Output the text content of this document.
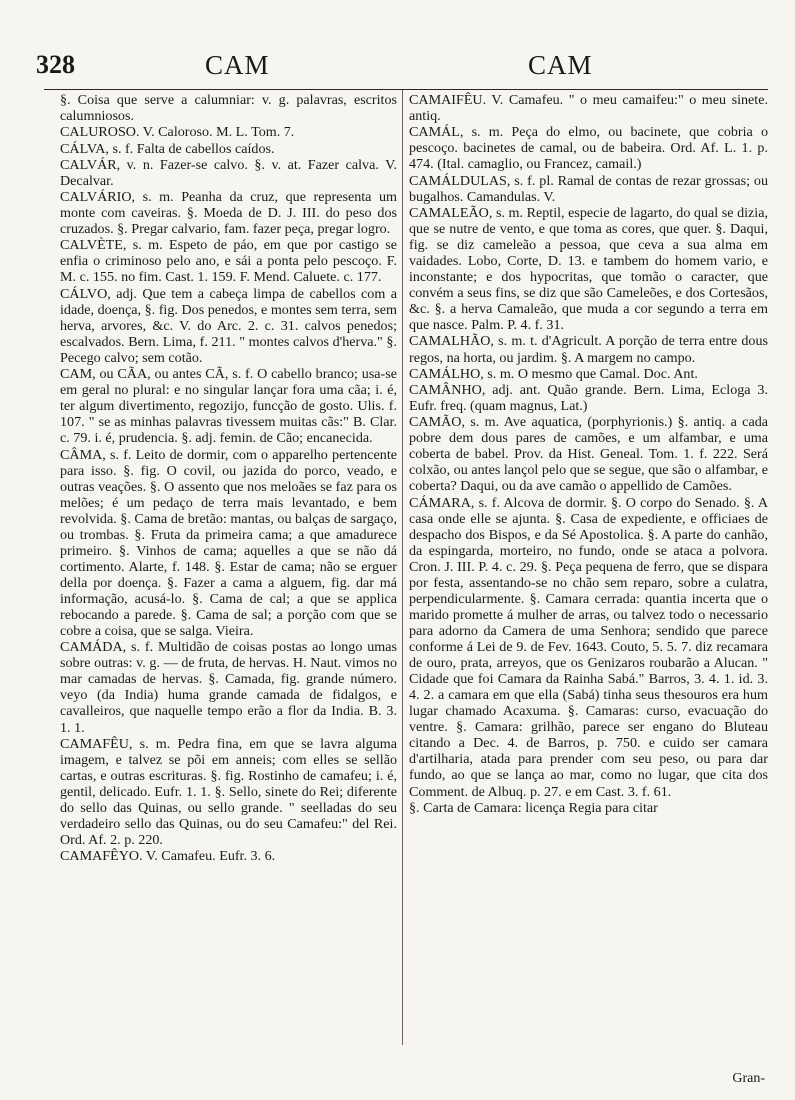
328	CAM	CAM

§. Coisa que serve a calumniar: v. g. palavras, escritos calumniosos.

CALUROSO. V. Caloroso. M. L. Tom. 7.

CÁLVA, s. f. Falta de cabellos caídos.

CALVÁR, v. n. Fazer-se calvo. §. v. at. Fazer calva. V. Decalvar.

CALVÁRIO, s. m. Peanha da cruz, que representa um monte com caveiras. §. Moeda de D. J. III. do peso dos cruzados. §. Pregar calvario, fam. fazer peça, pregar logro.

CALVÈTE, s. m. Espeto de páo, em que por castigo se enfia o criminoso pelo ano, e sái a ponta pelo pescoço. F. M. c. 155. no fim. Cast. 1. 159. F. Mend. Caluete. c. 177.

CÁLVO, adj. Que tem a cabeça limpa de cabellos com a idade, doença, §. fig. Dos penedos, e montes sem terra, sem herva, arvores, &c. V. do Arc. 2. c. 31. calvos penedos; escalvados. Bern. Lima, f. 211. " montes calvos d'herva." §. Pecego calvo; sem cotão.

CAM, ou CÃA, ou antes CÃ, s. f. O cabello branco; usa-se em geral no plural: e no singular lançar fora uma cãa; i. é, ter algum divertimento, regozijo, funcção de gosto. Ulis. f. 107. " se as minhas palavras tivessem muitas cãs:" B. Clar. c. 79. i. é, prudencia. §. adj. femin. de Cão; encanecida.

CÂMA, s. f. Leito de dormir, com o apparelho pertencente para isso. §. fig. O covil, ou jazida do porco, veado, e outras veações. §. O assento que nos meloães se faz para os melões; é um pedaço de terra mais levantado, e bem revolvida. §. Cama de bretão: mantas, ou balças de sargaço, ou trombas. §. Fruta da primeira cama; a que amadurece primeiro. §. Vinhos de cama; aquelles a que se não dá cortimento. Alarte, f. 148. §. Estar de cama; não se erguer della por doença. §. Fazer a cama a alguem, fig. dar má informação, acusá-lo. §. Cama de cal; a que se applica rebocando a parede. §. Cama de sal; a porção com que se cobre a coisa, que se salga. Vieira.

CAMÁDA, s. f. Multidão de coisas postas ao longo umas sobre outras: v. g. — de fruta, de hervas. H. Naut. vimos no mar camadas de hervas. §. Camada, fig. grande número. veyo (da India) huma grande camada de fidalgos, e cavalleiros, que naquelle tempo erão a flor da India. B. 3. 1. 1.

CAMAFÊU, s. m. Pedra fina, em que se lavra alguma imagem, e talvez se põi em anneis; com elles se sellão cartas, e outras escrituras. §. fig. Rostinho de camafeu; i. é, gentil, delicado. Eufr. 1. 1. §. Sello, sinete do Rei; diferente do sello das Quinas, ou sello grande. " seelladas do seu verdadeiro sello das Quinas, ou do seu Camafeu:" del Rei. Ord. Af. 2. p. 220.

CAMAFÊYO. V. Camafeu. Eufr. 3. 6.

CAMAIFÊU. V. Camafeu. " o meu camaifeu:" o meu sinete. antiq.

CAMÁL, s. m. Peça do elmo, ou bacinete, que cobria o pescoço. bacinetes de camal, ou de babeira. Ord. Af. L. 1. p. 474. (Ital. camaglio, ou Francez, camail.)

CAMÁLDULAS, s. f. pl. Ramal de contas de rezar grossas; ou bugalhos. Camandulas. V.

CAMALEÃO, s. m. Reptil, especie de lagarto, do qual se dizia, que se nutre de vento, e que toma as cores, que quer. §. Daqui, fig. se diz cameleão a pessoa, que ceva a sua alma em vaidades. Lobo, Corte, D. 13. e tambem do homem vario, e inconstante; e dos hypocritas, que tomão o caracter, que convém a seus fins, se diz que são Cameleões, e dos Cortesãos, &c. §. a herva Camaleão, que muda a cor segundo a terra em que nasce. Palm. P. 4. f. 31.

CAMALHÃO, s. m. t. d'Agricult. A porção de terra entre dous regos, na horta, ou jardim. §. A margem no campo.

CAMÁLHO, s. m. O mesmo que Camal. Doc. Ant.

CAMÂNHO, adj. ant. Quão grande. Bern. Lima, Ecloga 3. Eufr. freq. (quam magnus, Lat.)

CAMÃO, s. m. Ave aquatica, (porphyrionis.) §. antiq. a cada pobre dem dous pares de camões, e um alfambar, e uma coberta de babel. Prov. da Hist. Geneal. Tom. 1. f. 222. Será colxão, ou antes lançol pelo que se segue, que são o alfambar, e coberta? Daqui, ou da ave camão o appellido de Camões.

CÁMARA, s. f. Alcova de dormir. §. O corpo do Senado. §. A casa onde elle se ajunta. §. Casa de expediente, e officiaes de despacho dos Bispos, e da Sé Apostolica. §. A parte do canhão, da espingarda, morteiro, no fundo, onde se ataca a polvora. Cron. J. III. P. 4. c. 29. §. Peça pequena de ferro, que se dispara por festa, assentando-se no chão sem reparo, sobre a culatra, perpendicularmente. §. Camara cerrada: quantia incerta que o marido promette á mulher de arras, ou talvez todo o necessario para adorno da Camera de uma Senhora; sendido que parece conforme á Lei de 9. de Fev. 1643. Couto, 5. 5. 7. diz recamara de ouro, prata, arreyos, que os Genizaros roubarão a Alucan. " Cidade que foi Camara da Rainha Sabá." Barros, 3. 4. 1. id. 3. 4. 2. a camara em que ella (Sabá) tinha seus thesouros era hum lugar chamado Acaxuma. §. Camaras: curso, evacuação do ventre. §. Camara: grilhão, parece ser engano do Bluteau citando a Dec. 4. de Barros, p. 750. e cuido ser camara d'artilharia, atada para prender com seu peso, ou para dar fundo, ao que se lança ao mar, como no lugar, que cita dos Comment. de Albuq. p. 27. e em Cast. 3. f. 61.

§. Carta de Camara: licença Regia para citar

Gran-
